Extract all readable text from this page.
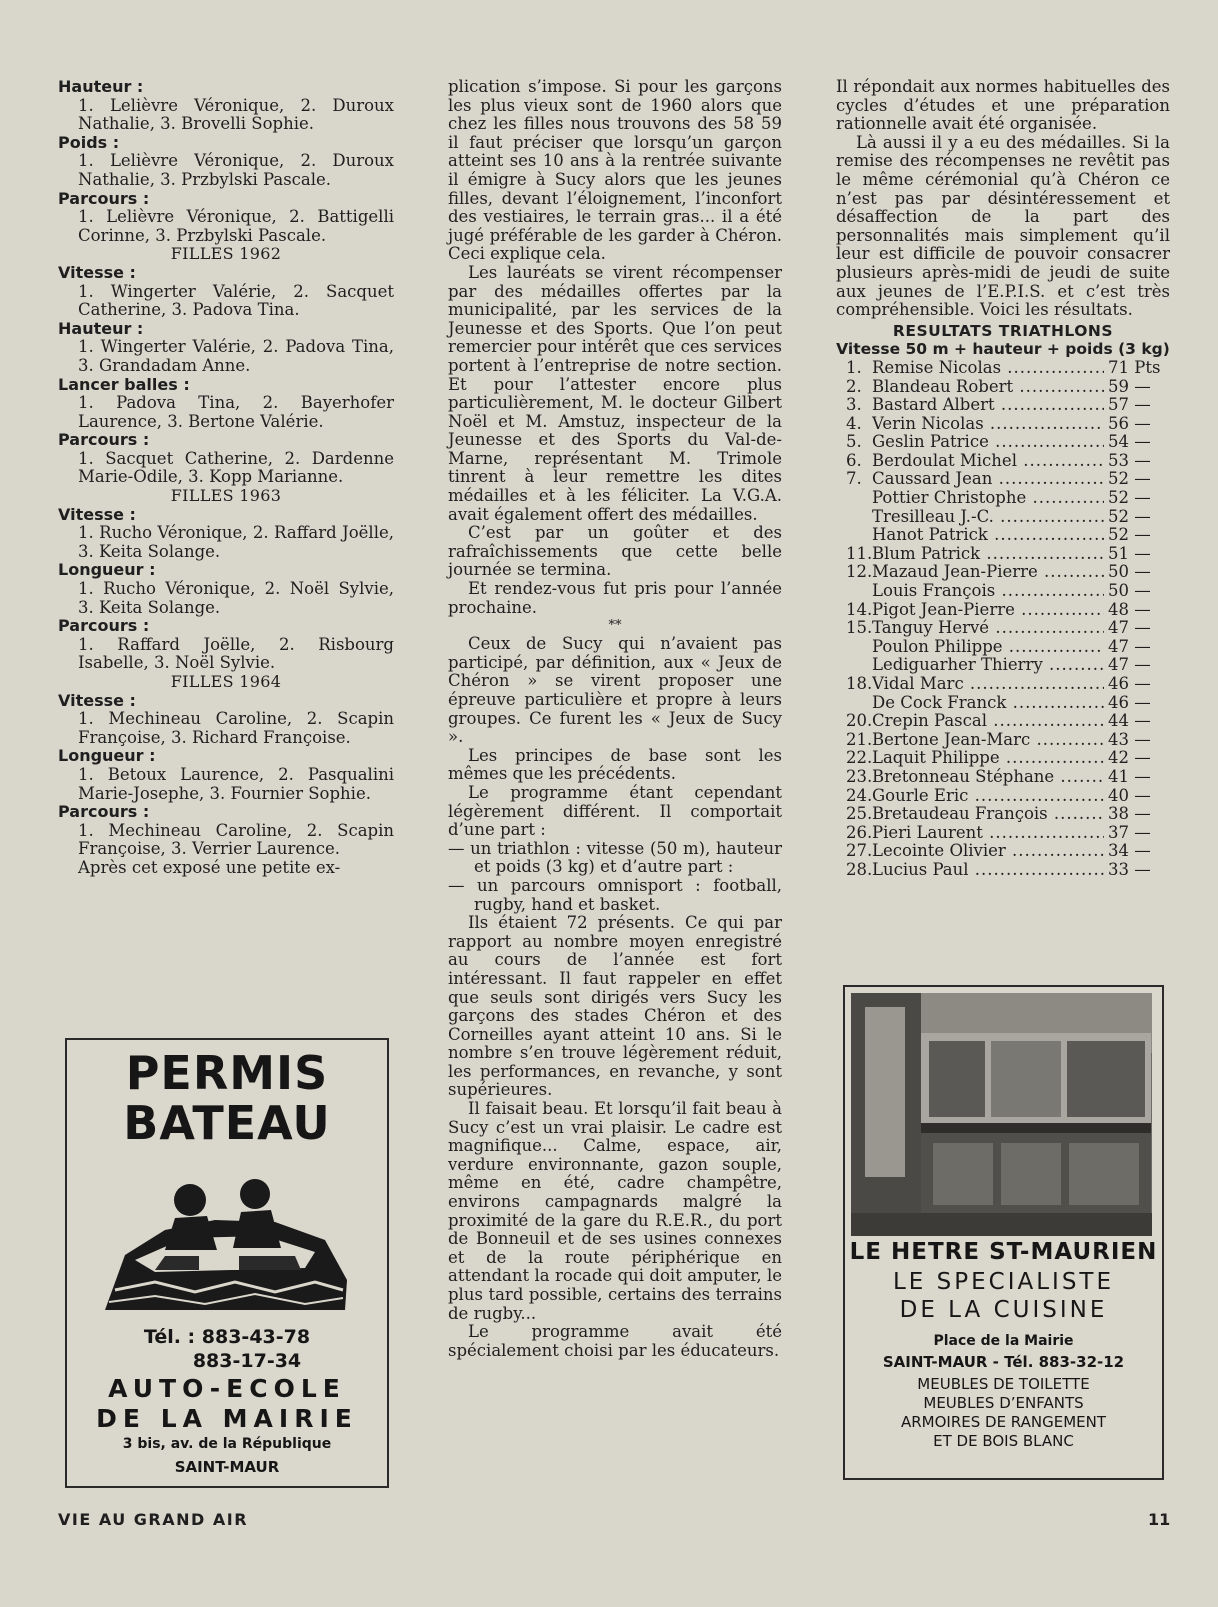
Hauteur :
1. Lelièvre Véronique, 2. Duroux Nathalie, 3. Brovelli Sophie.
Poids :
1. Lelièvre Véronique, 2. Duroux Nathalie, 3. Przbylski Pascale.
Parcours :
1. Lelièvre Véronique, 2. Battigelli Corinne, 3. Przbylski Pascale.
FILLES 1962
Vitesse :
1. Wingerter Valérie, 2. Sacquet Catherine, 3. Padova Tina.
Hauteur :
1. Wingerter Valérie, 2. Padova Tina, 3. Grandadam Anne.
Lancer balles :
1. Padova Tina, 2. Bayerhofer Laurence, 3. Bertone Valérie.
Parcours :
1. Sacquet Catherine, 2. Dardenne Marie-Odile, 3. Kopp Marianne.
FILLES 1963
Vitesse :
1. Rucho Véronique, 2. Raffard Joëlle, 3. Keita Solange.
Longueur :
1. Rucho Véronique, 2. Noël Sylvie, 3. Keita Solange.
Parcours :
1. Raffard Joëlle, 2. Risbourg Isabelle, 3. Noël Sylvie.
FILLES 1964
Vitesse :
1. Mechineau Caroline, 2. Scapin Françoise, 3. Richard Françoise.
Longueur :
1. Betoux Laurence, 2. Pasqualini Marie-Josephe, 3. Fournier Sophie.
Parcours :
1. Mechineau Caroline, 2. Scapin Françoise, 3. Verrier Laurence.
Après cet exposé une petite ex-
plication s’impose. Si pour les garçons les plus vieux sont de 1960 alors que chez les filles nous trouvons des 58 59 il faut préciser que lorsqu’un garçon atteint ses 10 ans à la rentrée suivante il émigre à Sucy alors que les jeunes filles, devant l’éloignement, l’inconfort des vestiaires, le terrain gras... il a été jugé préférable de les garder à Chéron. Ceci explique cela.
Les lauréats se virent récompenser par des médailles offertes par la municipalité, par les services de la Jeunesse et des Sports. Que l’on peut remercier pour intérêt que ces services portent à l’entreprise de notre section. Et pour l’attester encore plus particulièrement, M. le docteur Gilbert Noël et M. Amstuz, inspecteur de la Jeunesse et des Sports du Val-de-Marne, représentant M. Trimole tinrent à leur remettre les dites médailles et à les féliciter. La V.G.A. avait également offert des médailles.
C’est par un goûter et des rafraîchissements que cette belle journée se termina.
Et rendez-vous fut pris pour l’année prochaine.
**
Ceux de Sucy qui n’avaient pas participé, par définition, aux « Jeux de Chéron » se virent proposer une épreuve particulière et propre à leurs groupes. Ce furent les « Jeux de Sucy ».
Les principes de base sont les mêmes que les précédents.
Le programme étant cependant légèrement différent. Il comportait d’une part :
— un triathlon : vitesse (50 m), hauteur et poids (3 kg) et d’autre part :
— un parcours omnisport : football, rugby, hand et basket.
Ils étaient 72 présents. Ce qui par rapport au nombre moyen enregistré au cours de l’année est fort intéressant. Il faut rappeler en effet que seuls sont dirigés vers Sucy les garçons des stades Chéron et des Corneilles ayant atteint 10 ans. Si le nombre s’en trouve légèrement réduit, les performances, en revanche, y sont supérieures.
Il faisait beau. Et lorsqu’il fait beau à Sucy c’est un vrai plaisir. Le cadre est magnifique... Calme, espace, air, verdure environnante, gazon souple, même en été, cadre champêtre, environs campagnards malgré la proximité de la gare du R.E.R., du port de Bonneuil et de ses usines connexes et de la route périphérique en attendant la rocade qui doit amputer, le plus tard possible, certains des terrains de rugby...
Le programme avait été spécialement choisi par les éducateurs.
Il répondait aux normes habituelles des cycles d’études et une préparation rationnelle avait été organisée.
Là aussi il y a eu des médailles. Si la remise des récompenses ne revêtit pas le même cérémonial qu’à Chéron ce n’est pas par désintéressement et désaffection de la part des personnalités mais simplement qu’il leur est difficile de pouvoir consacrer plusieurs après-midi de jeudi de suite aux jeunes de l’E.P.I.S. et c’est très compréhensible. Voici les résultats.
RESULTATS TRIATHLONS
Vitesse 50 m + hauteur + poids (3 kg)
1. Remise Nicolas .....	71 Pts
2. Blandeau Robert .....	59 —
3. Bastard Albert .....	57 —
4. Verin Nicolas .....	56 —
5. Geslin Patrice .....	54 —
6. Berdoulat Michel .....	53 —
7. Caussard Jean .....	52 —
Pottier Christophe .....	52 —
Tresilleau J.-C. .....	52 —
Hanot Patrick .....	52 —
11. Blum Patrick .....	51 —
12. Mazaud Jean-Pierre .....	50 —
Louis François .....	50 —
14. Pigot Jean-Pierre .....	48 —
15. Tanguy Hervé .....	47 —
Poulon Philippe .....	47 —
Lediguarher Thierry .....	47 —
18. Vidal Marc .....	46 —
De Cock Franck .....	46 —
20. Crepin Pascal .....	44 —
21. Bertone Jean-Marc .....	43 —
22. Laquit Philippe .....	42 —
23. Bretonneau Stéphane .....	41 —
24. Gourle Eric .....	40 —
25. Bretaudeau François .....	38 —
26. Pieri Laurent .....	37 —
27. Lecointe Olivier .....	34 —
28. Lucius Paul .....	33 —
PERMIS
BATEAU
Tél. : 883-43-78
883-17-34
AUTO-ECOLE
DE LA MAIRIE
3 bis, av. de la République
SAINT-MAUR
LE HETRE ST-MAURIEN
LE SPECIALISTE
DE LA CUISINE
Place de la Mairie
SAINT-MAUR - Tél. 883-32-12
MEUBLES DE TOILETTE
MEUBLES D’ENFANTS
ARMOIRES DE RANGEMENT
ET DE BOIS BLANC
VIE AU GRAND AIR	11
